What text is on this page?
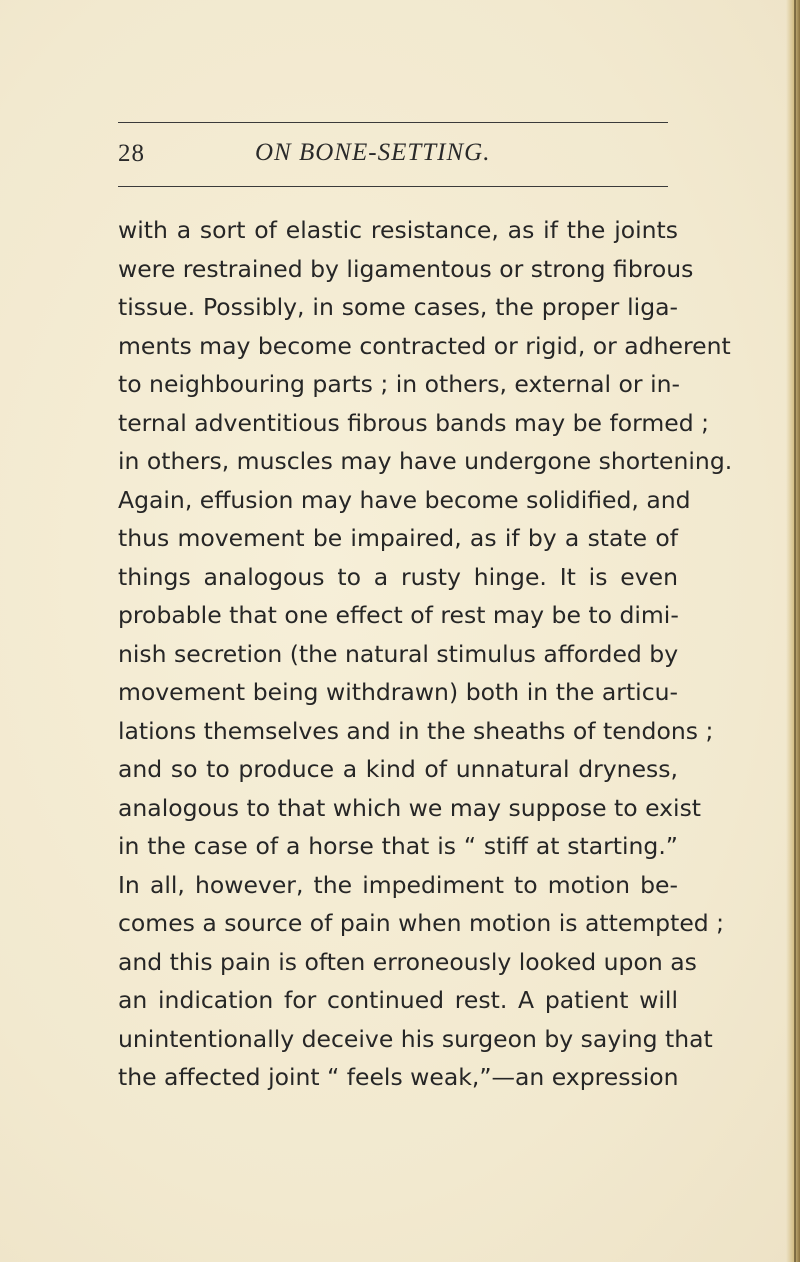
28	ON BONE-SETTING.
with a sort of elastic resistance, as if the joints
were restrained by ligamentous or strong fibrous
tissue. Possibly, in some cases, the proper liga-
ments may become contracted or rigid, or adherent
to neighbouring parts ; in others, external or in-
ternal adventitious fibrous bands may be formed ;
in others, muscles may have undergone shortening.
Again, effusion may have become solidified, and
thus movement be impaired, as if by a state of
things analogous to a rusty hinge. It is even
probable that one effect of rest may be to dimi-
nish secretion (the natural stimulus afforded by
movement being withdrawn) both in the articu-
lations themselves and in the sheaths of tendons ;
and so to produce a kind of unnatural dryness,
analogous to that which we may suppose to exist
in the case of a horse that is “ stiff at starting.”
In all, however, the impediment to motion be-
comes a source of pain when motion is attempted ;
and this pain is often erroneously looked upon as
an indication for continued rest. A patient will
unintentionally deceive his surgeon by saying that
the affected joint “ feels weak,”—an expression
